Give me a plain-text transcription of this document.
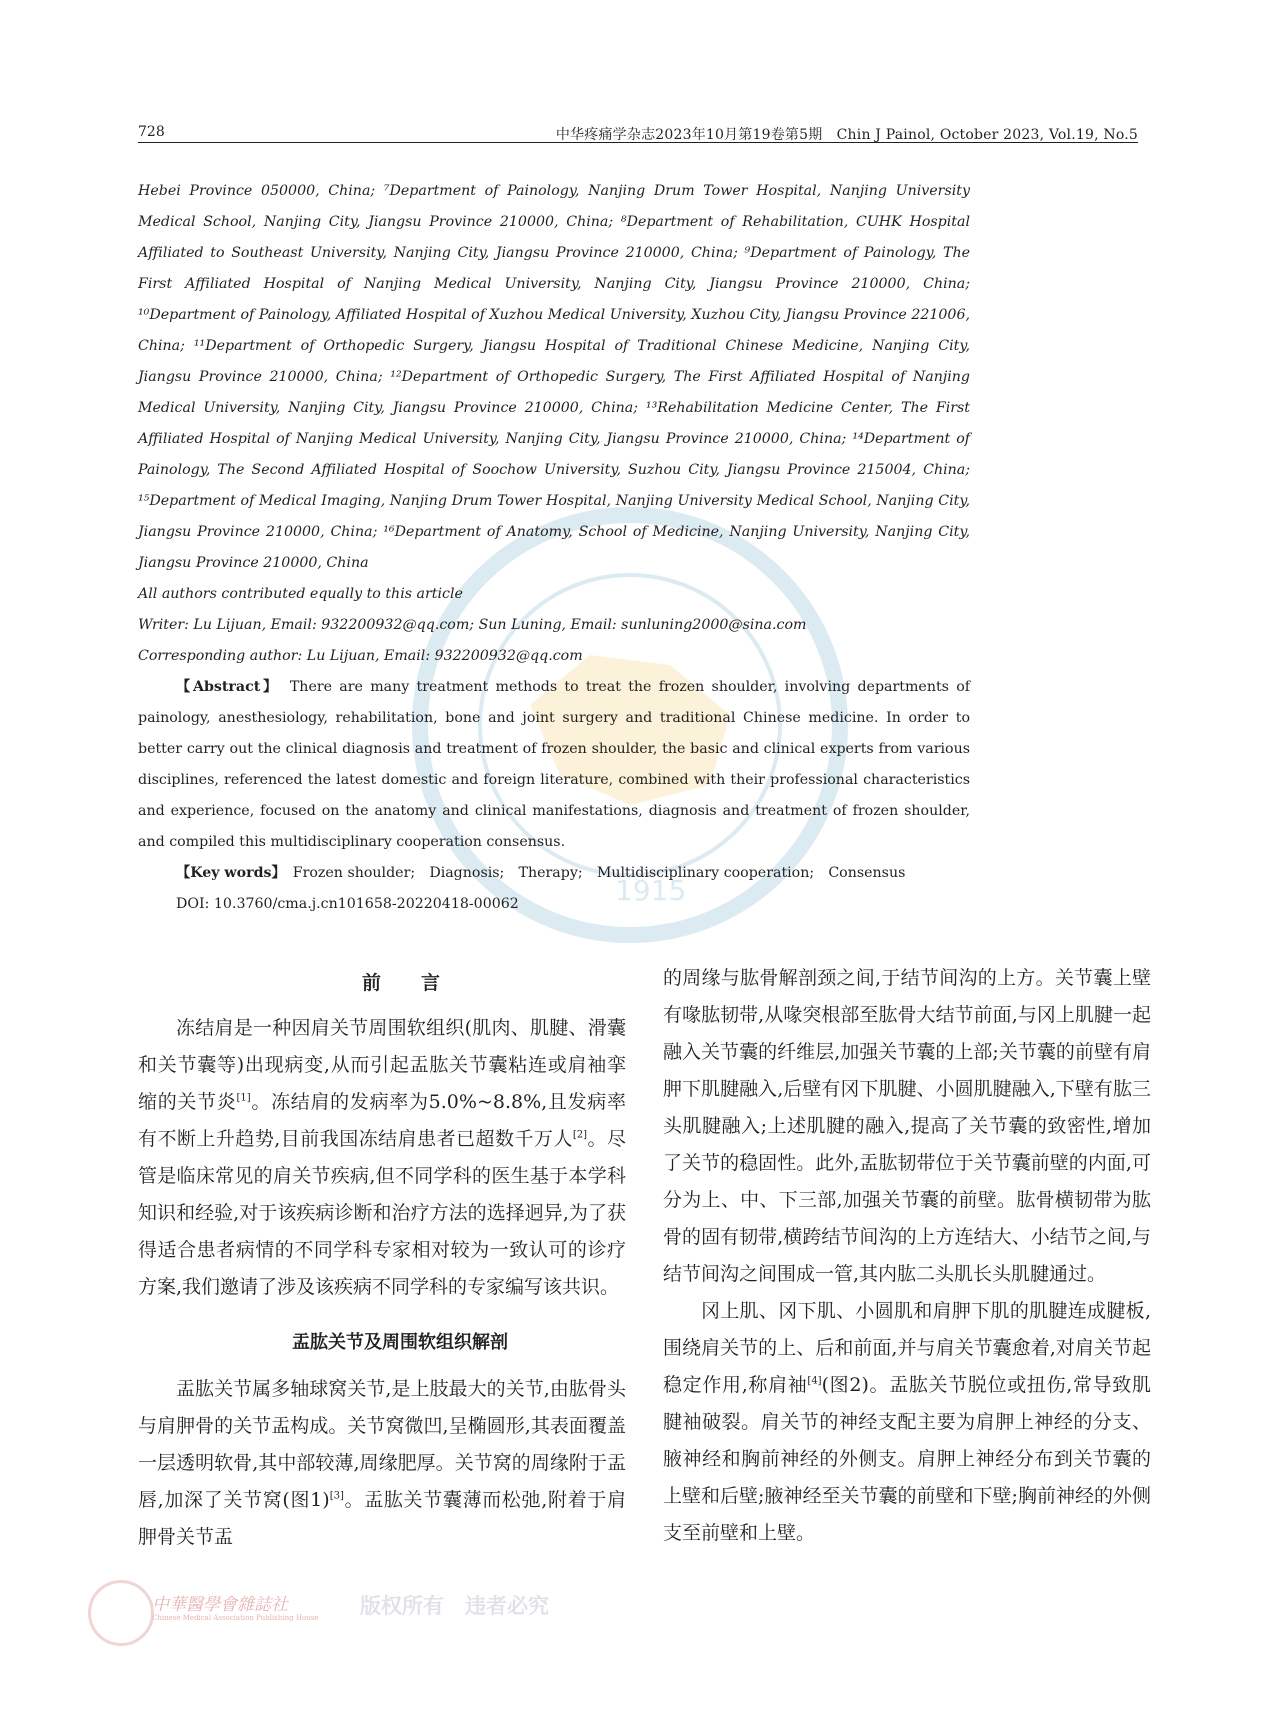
1915
728	中华疼痛学杂志2023年10月第19卷第5期　Chin J Painol, October 2023, Vol.19, No.5

Hebei Province 050000, China; ⁷Department of Painology, Nanjing Drum Tower Hospital, Nanjing University Medical School, Nanjing City, Jiangsu Province 210000, China; ⁸Department of Rehabilitation, CUHK Hospital Affiliated to Southeast University, Nanjing City, Jiangsu Province 210000, China; ⁹Department of Painology, The First Affiliated Hospital of Nanjing Medical University, Nanjing City, Jiangsu Province 210000, China; ¹⁰Department of Painology, Affiliated Hospital of Xuzhou Medical University, Xuzhou City, Jiangsu Province 221006, China; ¹¹Department of Orthopedic Surgery, Jiangsu Hospital of Traditional Chinese Medicine, Nanjing City, Jiangsu Province 210000, China; ¹²Department of Orthopedic Surgery, The First Affiliated Hospital of Nanjing Medical University, Nanjing City, Jiangsu Province 210000, China; ¹³Rehabilitation Medicine Center, The First Affiliated Hospital of Nanjing Medical University, Nanjing City, Jiangsu Province 210000, China; ¹⁴Department of Painology, The Second Affiliated Hospital of Soochow University, Suzhou City, Jiangsu Province 215004, China; ¹⁵Department of Medical Imaging, Nanjing Drum Tower Hospital, Nanjing University Medical School, Nanjing City, Jiangsu Province 210000, China; ¹⁶Department of Anatomy, School of Medicine, Nanjing University, Nanjing City, Jiangsu Province 210000, China

All authors contributed equally to this article

Writer: Lu Lijuan, Email: 932200932@qq.com; Sun Luning, Email: sunluning2000@sina.com

Corresponding author: Lu Lijuan, Email: 932200932@qq.com

【Abstract】　 There are many treatment methods to treat the frozen shoulder, involving departments of painology, anesthesiology, rehabilitation, bone and joint surgery and traditional Chinese medicine. In order to better carry out the clinical diagnosis and treatment of frozen shoulder, the basic and clinical experts from various disciplines, referenced the latest domestic and foreign literature, combined with their professional characteristics and experience, focused on the anatomy and clinical manifestations, diagnosis and treatment of frozen shoulder, and compiled this multidisciplinary cooperation consensus.

【Key words】　 Frozen shoulder;　Diagnosis;　Therapy;　Multidisciplinary cooperation;　Consensus

DOI: 10.3760/cma.j.cn101658-20220418-00062

前言

冻结肩是一种因肩关节周围软组织(肌肉、肌腱、滑囊和关节囊等)出现病变,从而引起盂肱关节囊粘连或肩袖挛缩的关节炎[1]。冻结肩的发病率为5.0%~8.8%,且发病率有不断上升趋势,目前我国冻结肩患者已超数千万人[2]。尽管是临床常见的肩关节疾病,但不同学科的医生基于本学科知识和经验,对于该疾病诊断和治疗方法的选择迥异,为了获得适合患者病情的不同学科专家相对较为一致认可的诊疗方案,我们邀请了涉及该疾病不同学科的专家编写该共识。

盂肱关节及周围软组织解剖

盂肱关节属多轴球窝关节,是上肢最大的关节,由肱骨头与肩胛骨的关节盂构成。关节窝微凹,呈椭圆形,其表面覆盖一层透明软骨,其中部较薄,周缘肥厚。关节窝的周缘附于盂唇,加深了关节窝(图1)[3]。盂肱关节囊薄而松弛,附着于肩胛骨关节盂

的周缘与肱骨解剖颈之间,于结节间沟的上方。关节囊上壁有喙肱韧带,从喙突根部至肱骨大结节前面,与冈上肌腱一起融入关节囊的纤维层,加强关节囊的上部;关节囊的前壁有肩胛下肌腱融入,后壁有冈下肌腱、小圆肌腱融入,下壁有肱三头肌腱融入;上述肌腱的融入,提高了关节囊的致密性,增加了关节的稳固性。此外,盂肱韧带位于关节囊前壁的内面,可分为上、中、下三部,加强关节囊的前壁。肱骨横韧带为肱骨的固有韧带,横跨结节间沟的上方连结大、小结节之间,与结节间沟之间围成一管,其内肱二头肌长头肌腱通过。

冈上肌、冈下肌、小圆肌和肩胛下肌的肌腱连成腱板,围绕肩关节的上、后和前面,并与肩关节囊愈着,对肩关节起稳定作用,称肩袖[4](图2)。盂肱关节脱位或扭伤,常导致肌腱袖破裂。肩关节的神经支配主要为肩胛上神经的分支、腋神经和胸前神经的外侧支。肩胛上神经分布到关节囊的上壁和后壁;腋神经至关节囊的前壁和下壁;胸前神经的外侧支至前壁和上壁。

中華醫學會雜誌社
Chinese Medical Association Publishing House 版权所有　违者必究
